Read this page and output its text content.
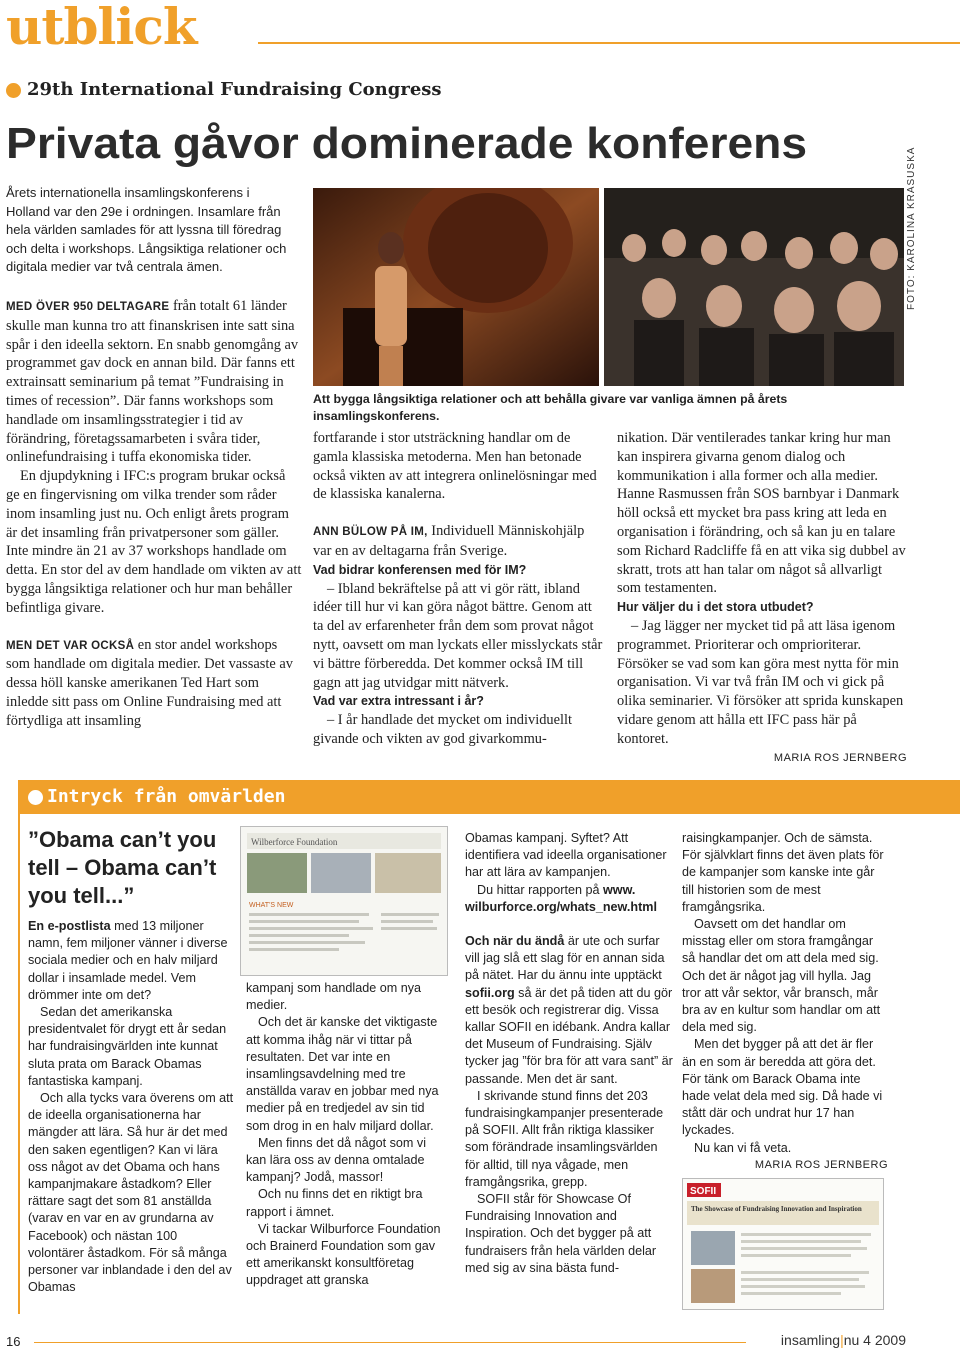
utblick
29th International Fundraising Congress
Privata gåvor dominerade konferens
Årets internationella insamlingskonferens i Holland var den 29e i ordningen. Insamlare från hela världen samlades för att lyssna till föredrag och delta i workshops. Långsiktiga relationer och digitala medier var två centrala ämen.

MED ÖVER 950 DELTAGARE från totalt 61 länder skulle man kunna tro att finanskrisen inte satt sina spår i den ideella sektorn. En snabb genomgång av programmet gav dock en annan bild. Där fanns ett extrainsatt seminarium på temat ”Fundraising in times of recession”. Där fanns workshops som handlade om insamlingsstrategier i tid av förändring, företagssamarbeten i svåra tider, onlinefundraising i tuffa ekonomiska tider.

En djupdykning i IFC:s program brukar också ge en fingervisning om vilka trender som råder inom insamling just nu. Och enligt årets program är det insamling från privatpersoner som gäller. Inte mindre än 21 av 37 workshops handlade om detta. En stor del av dem handlade om vikten av att bygga långsiktiga relationer och hur man behåller befintliga givare.

MEN DET VAR OCKSÅ en stor andel workshops som handlade om digitala medier. Det vassaste av dessa höll kanske amerikanen Ted Hart som inledde sitt pass om Online Fundraising med att förtydliga att insamling

FOTO: KAROLINA KRASUSKA
Att bygga långsiktiga relationer och att behålla givare var vanliga ämnen på årets insamlingskonferens.

fortfarande i stor utsträckning handlar om de gamla klassiska metoderna. Men han betonade också vikten av att integrera onlinelösningar med de klassiska kanalerna.

ANN BÜLOW PÅ IM, Individuell Människohjälp var en av deltagarna från Sverige.

Vad bidrar konferensen med för IM?

– Ibland bekräftelse på att vi gör rätt, ibland idéer till hur vi kan göra något bättre. Genom att ta del av erfarenheter från dem som provat något nytt, oavsett om man lyckats eller misslyckats står vi bättre förberedda. Det kommer också IM till gagn att jag utvidgar mitt nätverk.

Vad var extra intressant i år?

– I år handlade det mycket om individuellt givande och vikten av god givarkommu-

nikation. Där ventilerades tankar kring hur man kan inspirera givarna genom dialog och kommunikation i alla former och alla medier. Hanne Rasmussen från SOS barnbyar i Danmark höll också ett mycket bra pass kring att leda en organisation i förändring, och så kan ju en talare som Richard Radcliffe få en att vika sig dubbel av skratt, trots att han talar om något så allvarligt som testamenten.

Hur väljer du i det stora utbudet?

– Jag lägger ner mycket tid på att läsa igenom programmet. Prioriterar och omprioriterar. Försöker se vad som kan göra mest nytta för min organisation. Vi var två från IM och vi gick på olika seminarier. Vi försöker att sprida kunskapen vidare genom att hålla ett IFC pass här på kontoret.

MARIA ROS JERNBERG

Intryck från omvärlden
”Obama can’t you tell – Obama can’t you tell...”

En e-postlista med 13 miljoner namn, fem miljoner vänner i diverse sociala medier och en halv miljard dollar i insamlade medel. Vem drömmer inte om det?

Sedan det amerikanska presidentvalet för drygt ett år sedan har fundraisingvärlden inte kunnat sluta prata om Barack Obamas fantastiska kampanj.

Och alla tycks vara överens om att de ideella organisationerna har mängder att lära. Så hur är det med den saken egentligen? Kan vi lära oss något av det Obama och hans kampanjmakare åstadkom? Eller rättare sagt det som 81 anställda (varav en var en av grundarna av Facebook) och nästan 100 volontärer åstadkom. För så många personer var inblandade i den del av Obamas

Wilberforce Foundation
WHAT'S NEW

kampanj som handlade om nya medier.

Och det är kanske det viktigaste att komma ihåg när vi tittar på resultaten. Det var inte en insamlingsavdelning med tre anställda varav en jobbar med nya medier på en tredjedel av sin tid som drog in en halv miljard dollar.

Men finns det då något som vi kan lära oss av denna omtalade kampanj? Jodå, massor!

Och nu finns det en riktigt bra rapport i ämnet.

Vi tackar Wilburforce Foundation och Brainerd Foundation som gav ett amerikanskt konsultföretag uppdraget att granska

Obamas kampanj. Syftet? Att identifiera vad ideella organisationer har att lära av kampanjen.

Du hittar rapporten på www. wilburforce.org/whats_new.html

Och när du ändå är ute och surfar vill jag slå ett slag för en annan sida på nätet. Har du ännu inte upptäckt sofii.org så är det på tiden att du gör ett besök och registrerar dig. Vissa kallar SOFII en idébank. Andra kallar det Museum of Fundraising. Själv tycker jag ”för bra för att vara sant” är passande. Men det är sant.

I skrivande stund finns det 203 fundraisingkampanjer presenterade på SOFII. Allt från riktiga klassiker som förändrade insamlingsvärlden för alltid, till nya vågade, men framgångsrika, grepp.

SOFII står för Showcase Of Fundraising Innovation and Inspiration. Och det bygger på att fundraisers från hela världen delar med sig av sina bästa fund-

raisingkampanjer. Och de sämsta. För självklart finns det även plats för de kampanjer som kanske inte går till historien som de mest framgångsrika.

Oavsett om det handlar om misstag eller om stora framgångar så handlar det om att dela med sig. Och det är något jag vill hylla. Jag tror att vår sektor, vår bransch, mår bra av en kultur som handlar om att dela med sig.

Men det bygger på att det är fler än en som är beredda att göra det. För tänk om Barack Obama inte hade velat dela med sig. Då hade vi stått där och undrat hur 17 han lyckades.

Nu kan vi få veta.

MARIA ROS JERNBERG

SOFII
The Showcase of Fundraising Innovation and Inspiration
16	insamling|nu 4 2009
